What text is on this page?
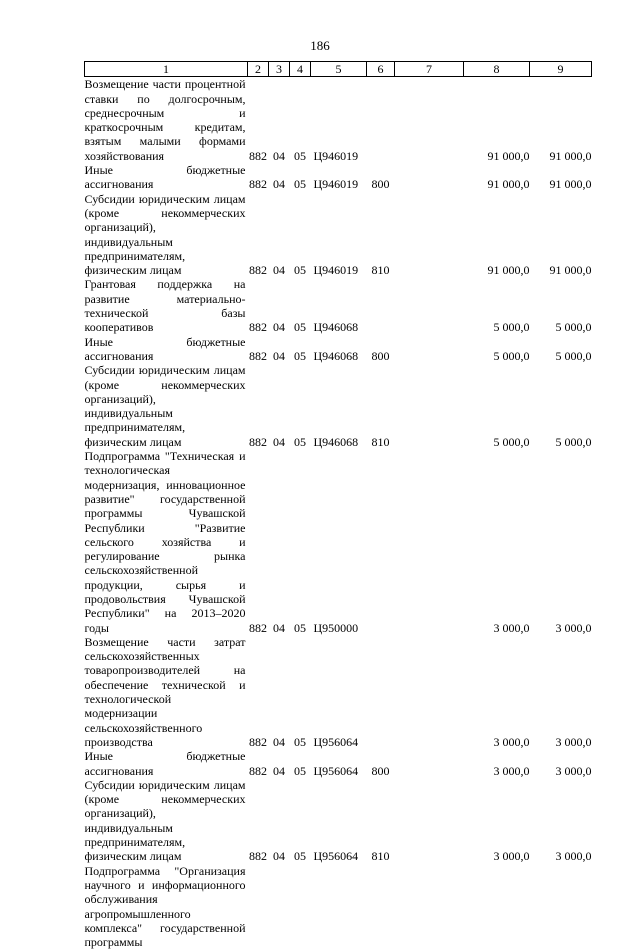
186
1	2	3	4	5	6	7	8	9
Возмещение части процентной ставки по долгосрочным, среднесрочным и краткосрочным кредитам, взятым малыми формами хозяйствования	882	04	05	Ц946019			91 000,0	91 000,0
Иные бюджетные ассигнования	882	04	05	Ц946019	800		91 000,0	91 000,0
Субсидии юридическим лицам (кроме некоммерческих организаций), индивидуальным предпринимателям, физическим лицам	882	04	05	Ц946019	810		91 000,0	91 000,0
Грантовая поддержка на развитие материально-технической базы кооперативов	882	04	05	Ц946068			5 000,0	5 000,0
Иные бюджетные ассигнования	882	04	05	Ц946068	800		5 000,0	5 000,0
Субсидии юридическим лицам (кроме некоммерческих организаций), индивидуальным предпринимателям, физическим лицам	882	04	05	Ц946068	810		5 000,0	5 000,0
Подпрограмма "Техническая и технологическая модернизация, инновационное развитие" государственной программы Чувашской Республики "Развитие сельского хозяйства и регулирование рынка сельскохозяйственной продукции, сырья и продовольствия Чувашской Республики" на 2013–2020 годы	882	04	05	Ц950000			3 000,0	3 000,0
Возмещение части затрат сельскохозяйственных товаропроизводителей на обеспечение технической и технологической модернизации сельскохозяйственного производства	882	04	05	Ц956064			3 000,0	3 000,0
Иные бюджетные ассигнования	882	04	05	Ц956064	800		3 000,0	3 000,0
Субсидии юридическим лицам (кроме некоммерческих организаций), индивидуальным предпринимателям, физическим лицам	882	04	05	Ц956064	810		3 000,0	3 000,0
Подпрограмма "Организация научного и информационного обслуживания агропромышленного комплекса" государственной программы								
